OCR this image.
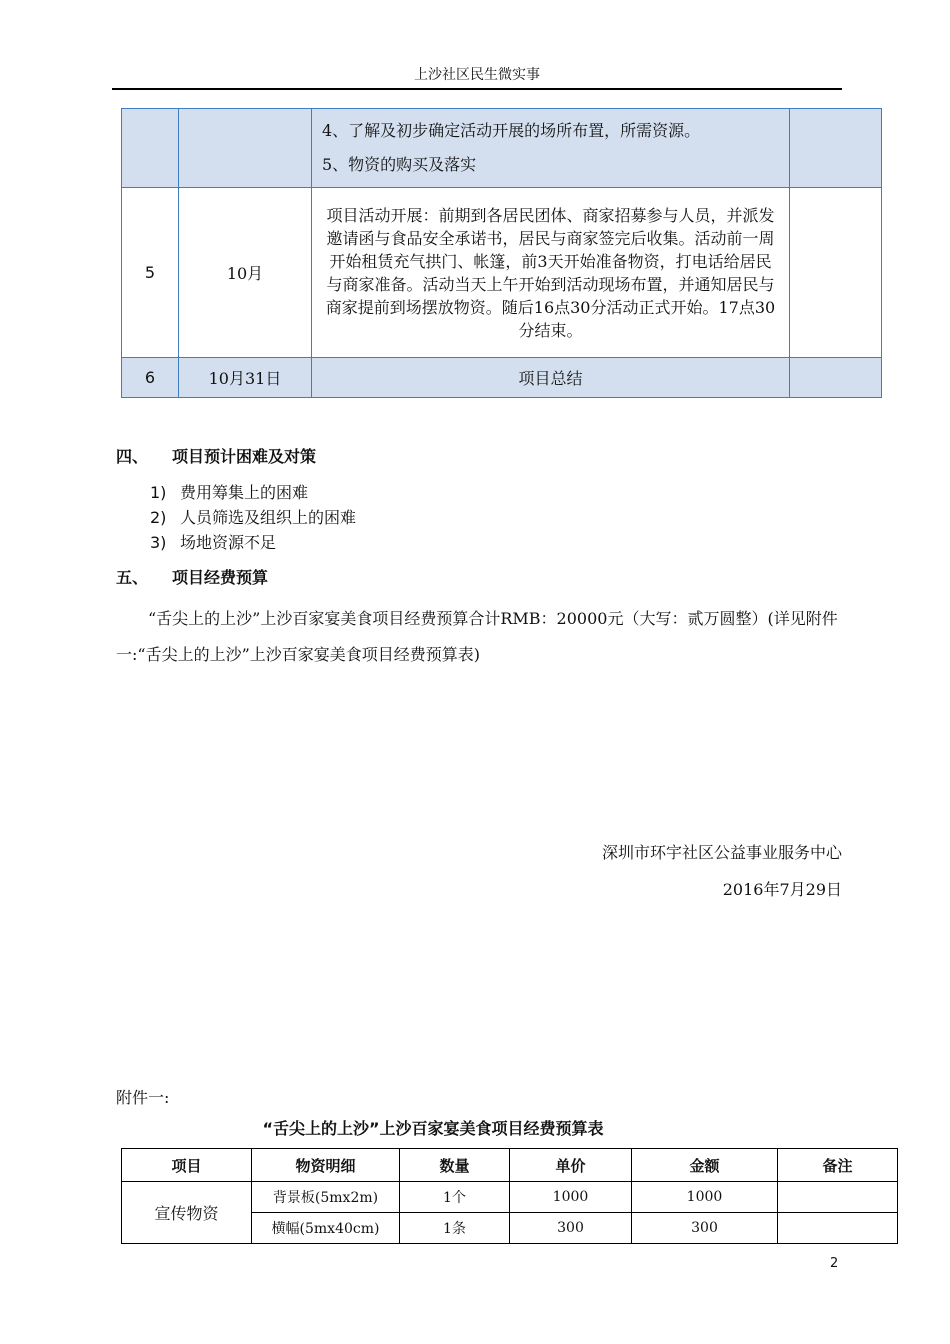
上沙社区民生微实事

		4、了解及初步确定活动开展的场所布置，所需资源。
5、物资的购买及落实	

5	10月	项目活动开展：前期到各居民团体、商家招募参与人员，并派发邀请函与食品安全承诺书，居民与商家签完后收集。活动前一周开始租赁充气拱门、帐篷，前3天开始准备物资，打电话给居民与商家准备。活动当天上午开始到活动现场布置，并通知居民与商家提前到场摆放物资。随后16点30分活动正式开始。17点30分结束。	
6	10月31日	项目总结	
四、 项目预计困难及对策
1) 费用筹集上的困难
2) 人员筛选及组织上的困难
3) 场地资源不足
五、 项目经费预算
“舌尖上的上沙”上沙百家宴美食项目经费预算合计RMB：20000元（大写：贰万圆整）(详见附件一:“舌尖上的上沙”上沙百家宴美食项目经费预算表)
深圳市环宇社区公益事业服务中心
2016年7月29日
附件一:
“舌尖上的上沙”上沙百家宴美食项目经费预算表
项目	物资明细	数量	单价	金额	备注
宣传物资	背景板(5mx2m)	1个	1000	1000	
	横幅(5mx40cm)	1条	300	300	
2
